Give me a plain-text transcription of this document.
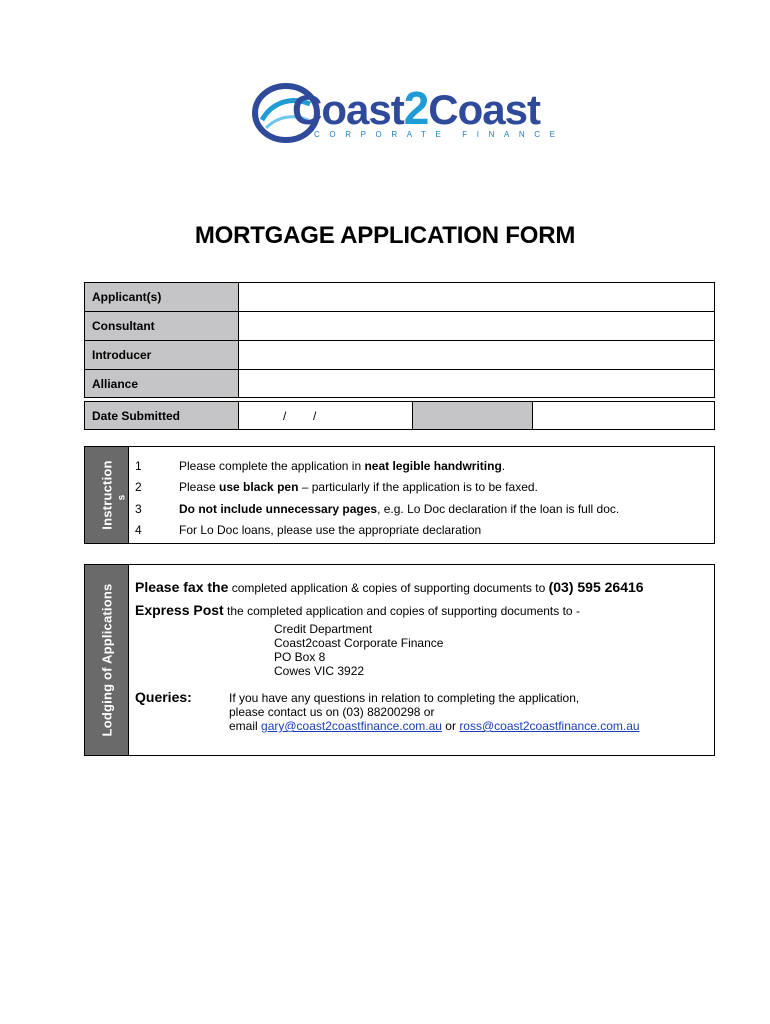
Coast2Coast
CORPORATE FINANCE
MORTGAGE APPLICATION FORM
Applicant(s)
Consultant
Introducer
Alliance
Date Submitted	/        /
Instruction s
1	Please complete the application in neat legible handwriting.
2	Please use black pen – particularly if the application is to be faxed.
3	Do not include unnecessary pages, e.g. Lo Doc declaration if the loan is full doc.
4	For Lo Doc loans, please use the appropriate declaration
Lodging of Applications Please fax the completed application & copies of supporting documents to (03) 595 26416
Express Post the completed application and copies of supporting documents to -
Credit Department
Coast2coast Corporate Finance
PO Box 8
Cowes VIC 3922
Queries:	If you have any questions in relation to completing the application,
please contact us on (03) 88200298 or
email gary@coast2coastfinance.com.au or ross@coast2coastfinance.com.au
